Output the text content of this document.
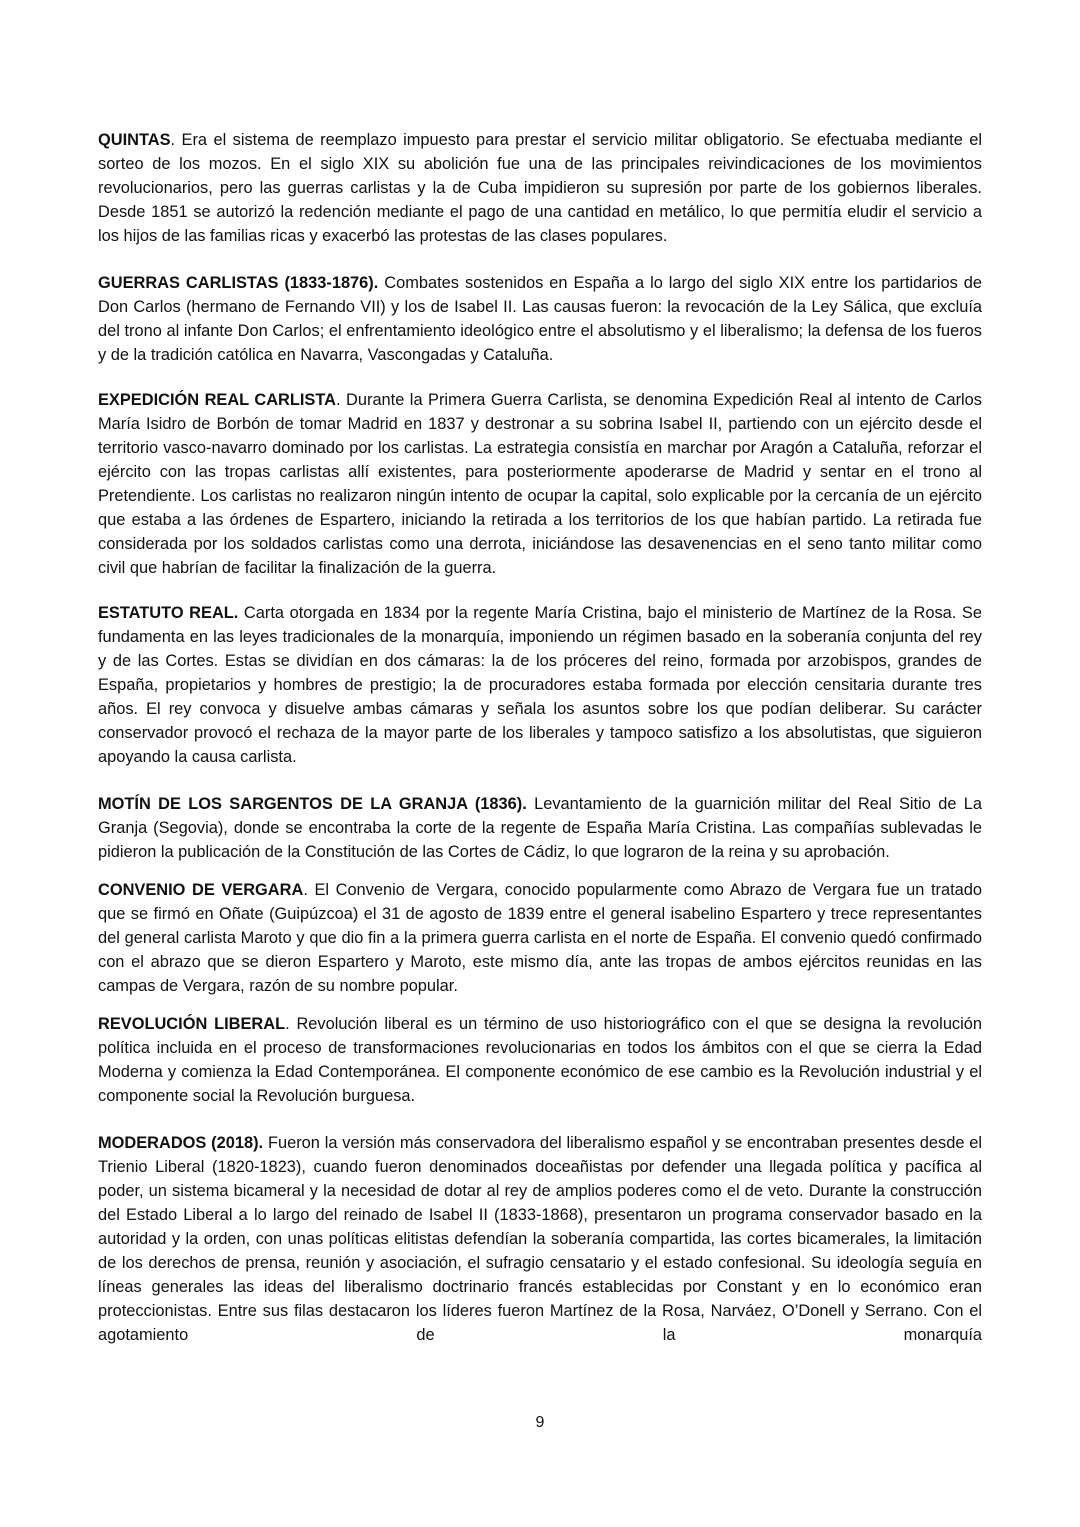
QUINTAS. Era el sistema de reemplazo impuesto para prestar el servicio militar obligatorio. Se efectuaba mediante el sorteo de los mozos. En el siglo XIX su abolición fue una de las principales reivindicaciones de los movimientos revolucionarios, pero las guerras carlistas y la de Cuba impidieron su supresión por parte de los gobiernos liberales. Desde 1851 se autorizó la redención mediante el pago de una cantidad en metálico, lo que permitía eludir el servicio a los hijos de las familias ricas y exacerbó las protestas de las clases populares.

GUERRAS CARLISTAS (1833-1876). Combates sostenidos en España a lo largo del siglo XIX entre los partidarios de Don Carlos (hermano de Fernando VII) y los de Isabel II. Las causas fueron: la revocación de la Ley Sálica, que excluía del trono al infante Don Carlos; el enfrentamiento ideológico entre el absolutismo y el liberalismo; la defensa de los fueros y de la tradición católica en Navarra, Vascongadas y Cataluña.

EXPEDICIÓN REAL CARLISTA. Durante la Primera Guerra Carlista, se denomina Expedición Real al intento de Carlos María Isidro de Borbón de tomar Madrid en 1837 y destronar a su sobrina Isabel II, partiendo con un ejército desde el territorio vasco-navarro dominado por los carlistas. La estrategia consistía en marchar por Aragón a Cataluña, reforzar el ejército con las tropas carlistas allí existentes, para posteriormente apoderarse de Madrid y sentar en el trono al Pretendiente. Los carlistas no realizaron ningún intento de ocupar la capital, solo explicable por la cercanía de un ejército que estaba a las órdenes de Espartero, iniciando la retirada a los territorios de los que habían partido. La retirada fue considerada por los soldados carlistas como una derrota, iniciándose las desavenencias en el seno tanto militar como civil que habrían de facilitar la finalización de la guerra.

ESTATUTO REAL. Carta otorgada en 1834 por la regente María Cristina, bajo el ministerio de Martínez de la Rosa. Se fundamenta en las leyes tradicionales de la monarquía, imponiendo un régimen basado en la soberanía conjunta del rey y de las Cortes. Estas se dividían en dos cámaras: la de los próceres del reino, formada por arzobispos, grandes de España, propietarios y hombres de prestigio; la de procuradores estaba formada por elección censitaria durante tres años. El rey convoca y disuelve ambas cámaras y señala los asuntos sobre los que podían deliberar. Su carácter conservador provocó el rechaza de la mayor parte de los liberales y tampoco satisfizo a los absolutistas, que siguieron apoyando la causa carlista.

MOTÍN DE LOS SARGENTOS DE LA GRANJA (1836). Levantamiento de la guarnición militar del Real Sitio de La Granja (Segovia), donde se encontraba la corte de la regente de España María Cristina. Las compañías sublevadas le pidieron la publicación de la Constitución de las Cortes de Cádiz, lo que lograron de la reina y su aprobación.

CONVENIO DE VERGARA. El Convenio de Vergara, conocido popularmente como Abrazo de Vergara fue un tratado que se firmó en Oñate (Guipúzcoa) el 31 de agosto de 1839 entre el general isabelino Espartero y trece representantes del general carlista Maroto y que dio fin a la primera guerra carlista en el norte de España. El convenio quedó confirmado con el abrazo que se dieron Espartero y Maroto, este mismo día, ante las tropas de ambos ejércitos reunidas en las campas de Vergara, razón de su nombre popular.

REVOLUCIÓN LIBERAL. Revolución liberal es un término de uso historiográfico con el que se designa la revolución política incluida en el proceso de transformaciones revolucionarias en todos los ámbitos con el que se cierra la Edad Moderna y comienza la Edad Contemporánea. El componente económico de ese cambio es la Revolución industrial y el componente social la Revolución burguesa.

MODERADOS (2018). Fueron la versión más conservadora del liberalismo español y se encontraban presentes desde el Trienio Liberal (1820-1823), cuando fueron denominados doceañistas por defender una llegada política y pacífica al poder, un sistema bicameral y la necesidad de dotar al rey de amplios poderes como el de veto. Durante la construcción del Estado Liberal a lo largo del reinado de Isabel II (1833-1868), presentaron un programa conservador basado en la autoridad y la orden, con unas políticas elitistas defendían la soberanía compartida, las cortes bicamerales, la limitación de los derechos de prensa, reunión y asociación, el sufragio censatario y el estado confesional. Su ideología seguía en líneas generales las ideas del liberalismo doctrinario francés establecidas por Constant y en lo económico eran proteccionistas. Entre sus filas destacaron los líderes fueron Martínez de la Rosa, Narváez, O’Donell y Serrano. Con el agotamiento de la monarquía

9
